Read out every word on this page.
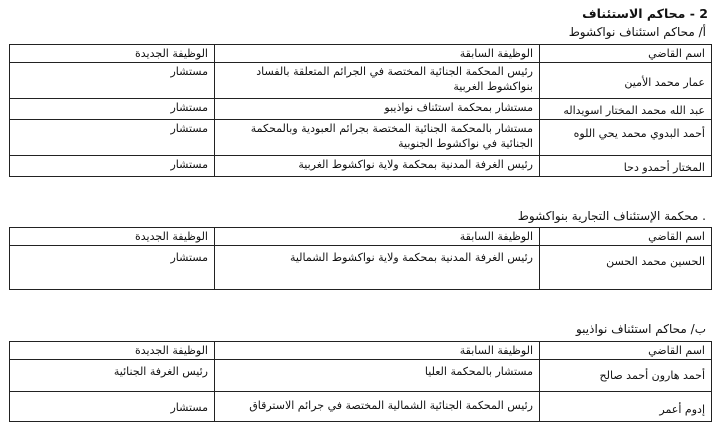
2 - محاكم الاستئناف
أ/ محاكم استئناف نواكشوط
اسم القاضي	الوظيفة السابقة	الوظيفة الجديدة
عمار محمد الأمين	رئيس المحكمة الجنائية المختصة في الجرائم المتعلقة بالفساد بنواكشوط الغربية	مستشار
عبد الله محمد المختار اسويداله	مستشار بمحكمة استئناف نواذيبو	مستشار
أحمد البدوي محمد يحي اللوه	مستشار بالمحكمة الجنائية المختصة بجرائم العبودية وبالمحكمة الجنائية في نواكشوط الجنوبية	مستشار
المختار أحمدو دحا	رئيس الغرفة المدنية بمحكمة ولاية نواكشوط الغربية	مستشار
. محكمة الإستئناف التجارية بنواكشوط
اسم القاضي	الوظيفة السابقة	الوظيفة الجديدة
الحسين محمد الحسن	رئيس الغرفة المدنية بمحكمة ولاية نواكشوط الشمالية	مستشار
ب/ محاكم استئناف نواذيبو
اسم القاضي	الوظيفة السابقة	الوظيفة الجديدة
أحمد هارون أحمد صالح	مستشار بالمحكمة العليا	رئيس الغرفة الجنائية
إدوم أعمر	رئيس المحكمة الجنائية الشمالية المختصة في جرائم الاسترقاق	مستشار
